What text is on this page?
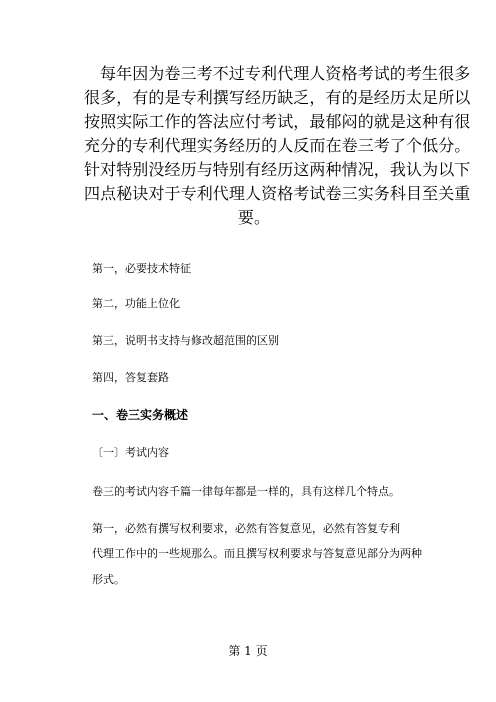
每年因为卷三考不过专利代理人资格考试的考生很多
很多，有的是专利撰写经历缺乏，有的是经历太足所以
按照实际工作的答法应付考试，最郁闷的就是这种有很
充分的专利代理实务经历的人反而在卷三考了个低分。
针对特别没经历与特别有经历这两种情况，我认为以下
四点秘诀对于专利代理人资格考试卷三实务科目至关重
要。
第一，必要技术特征
第二，功能上位化
第三，说明书支持与修改超范围的区别
第四，答复套路
一、卷三实务概述
〔一〕考试内容
卷三的考试内容千篇一律每年都是一样的，具有这样几个特点。
第一，必然有撰写权利要求，必然有答复意见，必然有答复专利
代理工作中的一些规那么。而且撰写权利要求与答复意见部分为两种
形式。
第 1 页
